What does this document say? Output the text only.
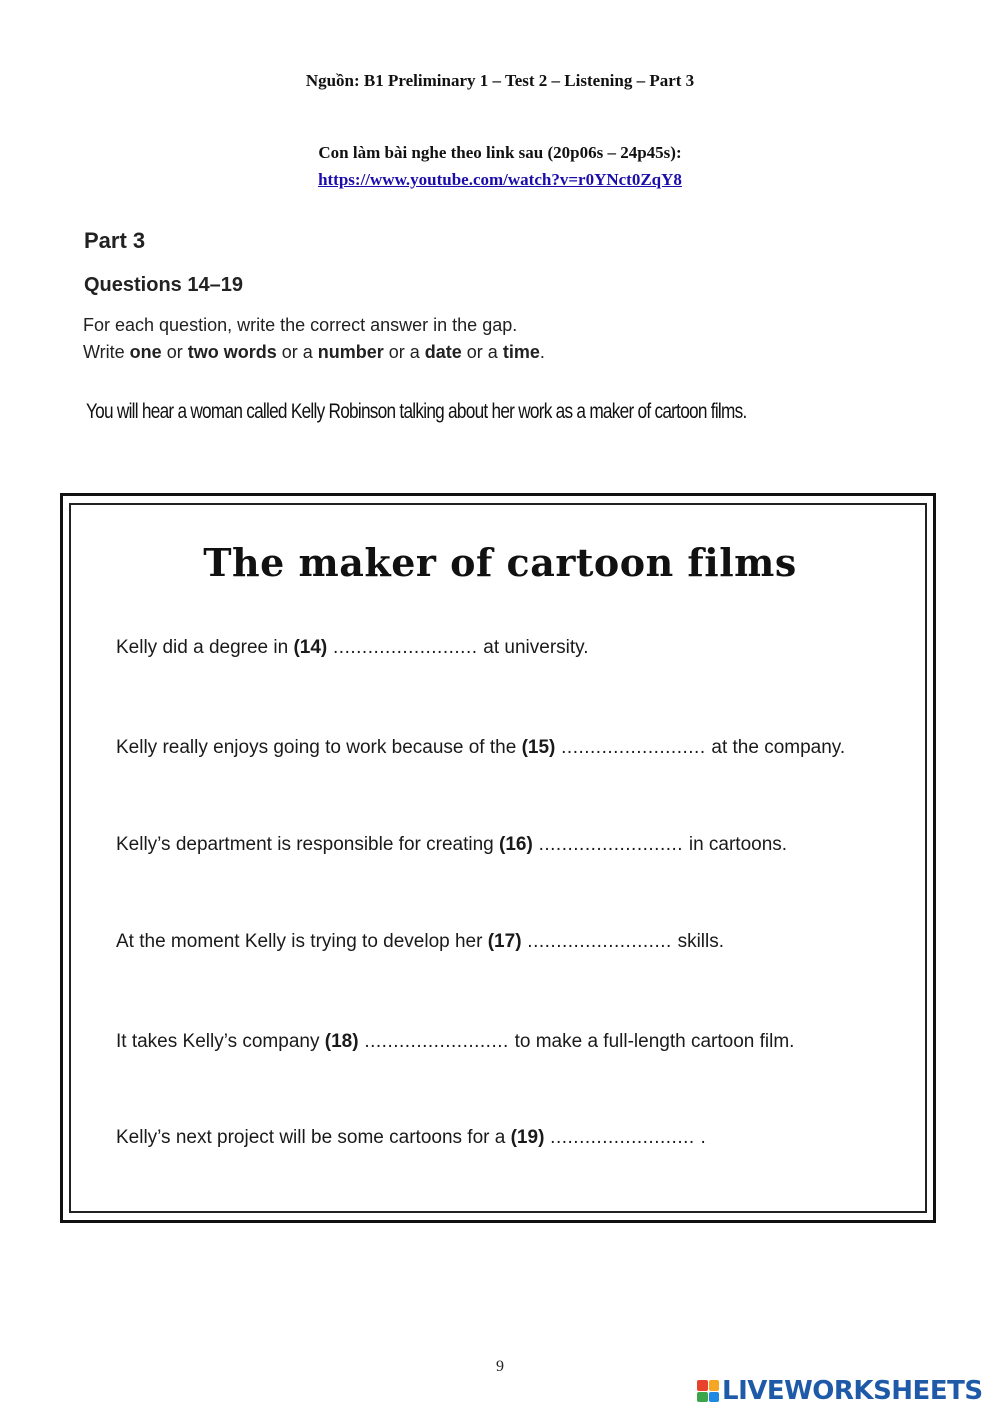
Nguồn: B1 Preliminary 1 – Test 2 – Listening – Part 3
Con làm bài nghe theo link sau (20p06s – 24p45s):
https://www.youtube.com/watch?v=r0YNct0ZqY8
Part 3
Questions 14–19
For each question, write the correct answer in the gap.
Write one or two words or a number or a date or a time.
You will hear a woman called Kelly Robinson talking about her work as a maker of cartoon films.
The maker of cartoon films
Kelly did a degree in (14) ......................... at university.
Kelly really enjoys going to work because of the (15) ......................... at the company.
Kelly’s department is responsible for creating (16) ......................... in cartoons.
At the moment Kelly is trying to develop her (17) ......................... skills.
It takes Kelly’s company (18) ......................... to make a full-length cartoon film.
Kelly’s next project will be some cartoons for a (19) ......................... .
9
LIVEWORKSHEETS
